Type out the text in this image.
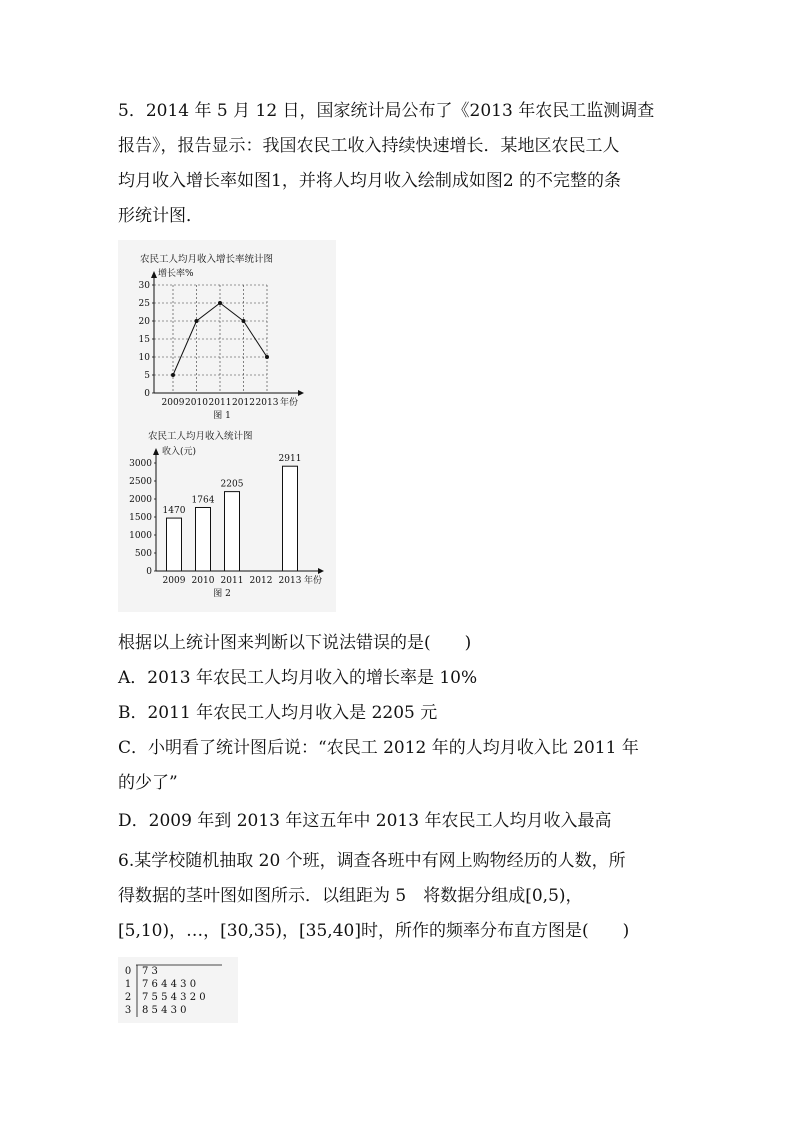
5．2014 年 5 月 12 日，国家统计局公布了《2013 年农民工监测调查

报告》，报告显示：我国农民工收入持续快速增长．某地区农民工人

均月收入增长率如图1，并将人均月收入绘制成如图2 的不完整的条

形统计图．

农民工人均月收入增长率统计图
增长率%
0
5
10
15
20
25
30
2009 2010 2011 2012 2013 年份
图 1
农民工人均月收入统计图
收入(元)
0
500
1000
1500
2000
2500
3000
2009
1470
2010
1764
2011
2205
2012 2013
2911
年份
图 2

根据以上统计图来判断以下说法错误的是(　　)

A．2013 年农民工人均月收入的增长率是 10%

B．2011 年农民工人均月收入是 2205 元

C．小明看了统计图后说：“农民工 2012 年的人均月收入比 2011 年

的少了”

D．2009 年到 2013 年这五年中 2013 年农民工人均月收入最高

6.某学校随机抽取 20 个班，调查各班中有网上购物经历的人数，所

得数据的茎叶图如图所示．以组距为 5　将数据分组成[0,5)，

[5,10)，…，[30,35)，[35,40]时，所作的频率分布直方图是(　　)

0 7 3
1 7 6 4 4 3 0
2 7 5 5 4 3 2 0
3 8 5 4 3 0
